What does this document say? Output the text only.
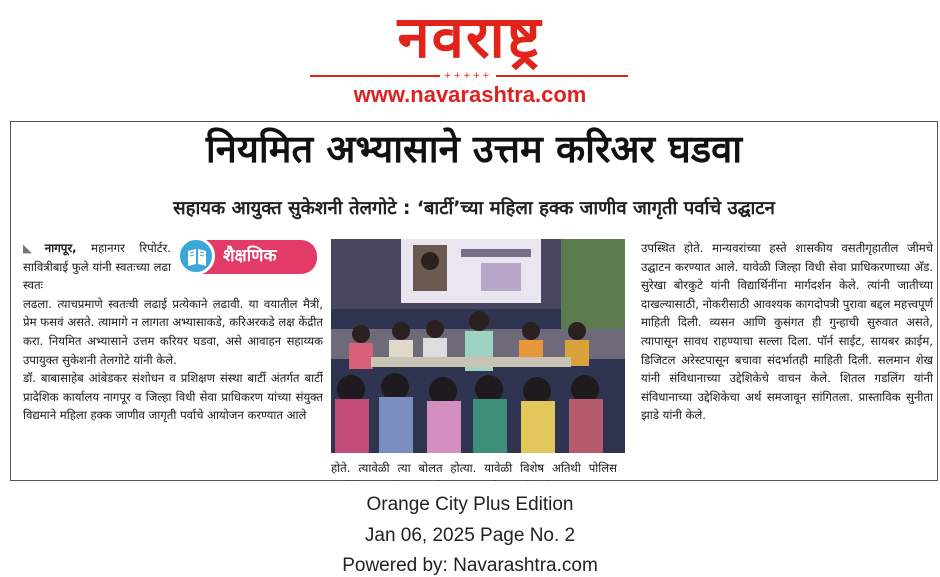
नवराष्ट्र
+++++
www.navarashtra.com
नियमित अभ्यासाने उत्तम करिअर घडवा
सहायक आयुक्त सुकेशनी तेलगोटे : ‘बार्टी’च्या महिला हक्क जाणीव जागृती पर्वाचे उद्घाटन

◣ नागपूर, महानगर रिपोर्टर. सावित्रीबाई फुले यांनी स्वतःच्या लढा स्वतः

लढला. त्याचप्रमाणे स्वतःची लढाई प्रत्येकाने लढावी. या वयातील मैत्री, प्रेम फसवं असते. त्यामागे न लागता अभ्यासाकडे, करिअरकडे लक्ष केंद्रीत करा. नियमित अभ्यासाने उत्तम करियर घडवा, असे आवाहन सहाय्यक उपायुक्त सुकेशनी तेलगोटे यांनी केले.

डॉ. बाबासाहेब आंबेडकर संशोधन व प्रशिक्षण संस्था बार्टी अंतर्गत बार्टी प्रादेशिक कार्यालय नागपूर व जिल्हा विधी सेवा प्राधिकरण यांच्या संयुक्त विद्यमाने महिला हक्क जाणीव जागृती पर्वाचे आयोजन करण्यात आले

शैक्षणिक

होते. त्यावेळी त्या बोलत होत्या. यावेळी विशेष अतिथी पोलिस

उपस्थित होते. मान्यवरांच्या हस्ते शासकीय वसतीगृहातील जीमचे उद्घाटन करण्यात आले. यावेळी जिल्हा विधी सेवा प्राधिकरणाच्या अ‍ॅड. सुरेखा बोरकुटे यांनी विद्यार्थिनींना मार्गदर्शन केले. त्यांनी जातीच्या दाखल्यासाठी, नोकरीसाठी आवश्यक कागदोपत्री पुरावा बद्दल महत्त्वपूर्ण माहिती दिली. व्यसन आणि कुसंगत ही गुन्हाची सुरुवात असते, त्यापासून सावध राहण्याचा सल्ला दिला. पॉर्न साईट, सायबर क्राईम, डिजिटल अरेस्टपासून बचावा संदर्भातही माहिती दिली. सलमान शेख यांनी संविधानाच्या उद्देशिकेचे वाचन केले. शितल गडलिंग यांनी संविधानाच्या उद्देशिकेचा अर्थ समजावून सांगितला. प्रास्ताविक सुनीता झाडे यांनी केले.

Orange City Plus Edition
Jan 06, 2025 Page No. 2
Powered by: Navarashtra.com
